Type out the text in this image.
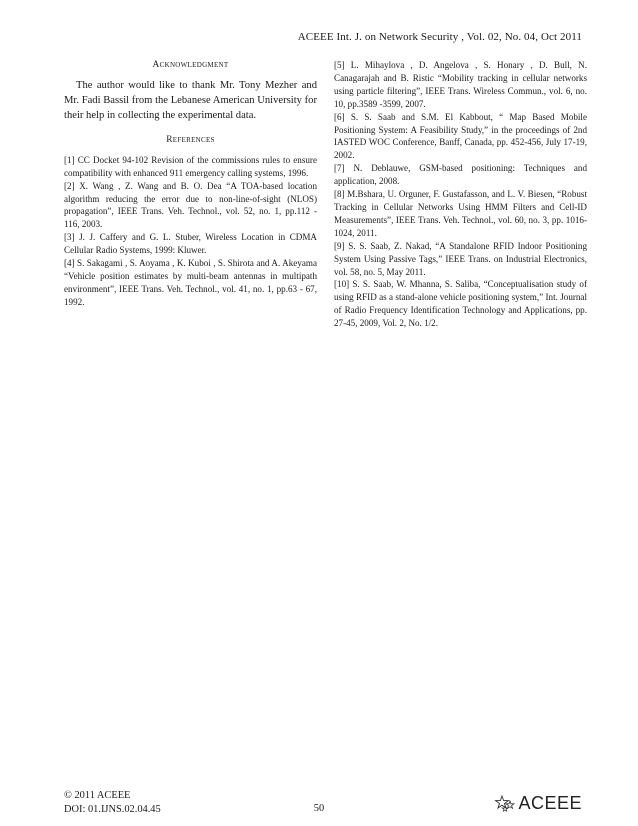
ACEEE Int. J. on Network Security , Vol. 02, No. 04, Oct 2011
Acknowledgment

The author would like to thank Mr. Tony Mezher and Mr. Fadi Bassil from the Lebanese American University for their help in collecting the experimental data.

References

[1] CC Docket 94-102 Revision of the commissions rules to ensure compatibility with enhanced 911 emergency calling systems, 1996.

[2] X. Wang , Z. Wang and B. O. Dea “A TOA-based location algorithm reducing the error due to non-line-of-sight (NLOS) propagation”, IEEE Trans. Veh. Technol., vol. 52, no. 1, pp.112 - 116, 2003.

[3] J. J. Caffery and G. L. Stuber, Wireless Location in CDMA Cellular Radio Systems, 1999: Kluwer.

[4] S. Sakagami , S. Aoyama , K. Kuboi , S. Shirota and A. Akeyama “Vehicle position estimates by multi-beam antennas in multipath environment”, IEEE Trans. Veh. Technol., vol. 41, no. 1, pp.63 - 67, 1992.

[5] L. Mihaylova , D. Angelova , S. Honary , D. Bull, N. Canagarajah and B. Ristic “Mobility tracking in cellular networks using particle filtering”, IEEE Trans. Wireless Commun., vol. 6, no. 10, pp.3589 -3599, 2007.

[6] S. S. Saab and S.M. El Kabbout, “ Map Based Mobile Positioning System: A Feasibility Study,” in the proceedings of 2nd IASTED WOC Conference, Banff, Canada, pp. 452-456, July 17-19, 2002.

[7] N. Deblauwe, GSM-based positioning: Techniques and application, 2008.

[8] M.Bshara, U. Orguner, F. Gustafasson, and L. V. Biesen, “Robust Tracking in Cellular Networks Using HMM Filters and Cell-ID Measurements”, IEEE Trans. Veh. Technol., vol. 60, no. 3, pp. 1016-1024, 2011.

[9] S. S. Saab, Z. Nakad, “A Standalone RFID Indoor Positioning System Using Passive Tags,” IEEE Trans. on Industrial Electronics, vol. 58, no. 5, May 2011.

[10] S. S. Saab, W. Mhanna, S. Saliba, “Conceptualisation study of using RFID as a stand-alone vehicle positioning system,” Int. Journal of Radio Frequency Identification Technology and Applications, pp. 27-45, 2009, Vol. 2, No. 1/2.

© 2011 ACEEE
DOI: 01.IJNS.02.04.45	50	ACEEE
